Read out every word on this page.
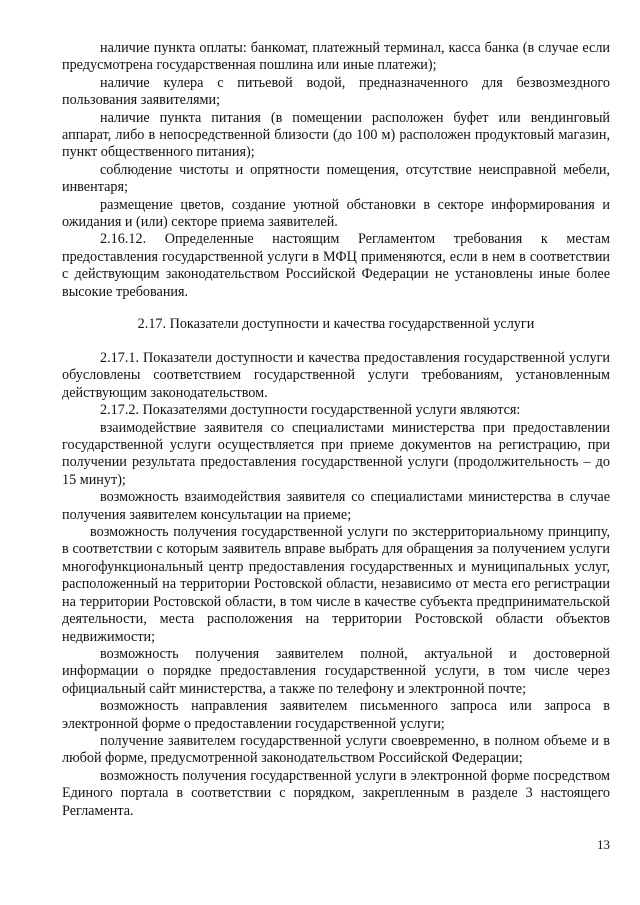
наличие пункта оплаты: банкомат, платежный терминал, касса банка (в случае если предусмотрена государственная пошлина или иные платежи);

наличие кулера с питьевой водой, предназначенного для безвозмездного пользования заявителями;

наличие пункта питания (в помещении расположен буфет или вендинговый аппарат, либо в непосредственной близости (до 100 м) расположен продуктовый магазин, пункт общественного питания);

соблюдение чистоты и опрятности помещения, отсутствие неисправной мебели, инвентаря;

размещение цветов, создание уютной обстановки в секторе информирования и ожидания и (или) секторе приема заявителей.

2.16.12. Определенные настоящим Регламентом требования к местам предоставления государственной услуги в МФЦ применяются, если в нем в соответствии с действующим законодательством Российской Федерации не установлены иные более высокие требования.

2.17. Показатели доступности и качества государственной услуги

2.17.1. Показатели доступности и качества предоставления государственной услуги обусловлены соответствием государственной услуги требованиям, установленным действующим законодательством.

2.17.2. Показателями доступности государственной услуги являются:

взаимодействие заявителя со специалистами министерства при предоставлении государственной услуги осуществляется при приеме документов на регистрацию, при получении результата предоставления государственной услуги (продолжительность – до 15 минут);

возможность взаимодействия заявителя со специалистами министерства в случае получения заявителем консультации на приеме;

возможность получения государственной услуги по экстерриториальному принципу, в соответствии с которым заявитель вправе выбрать для обращения за получением услуги многофункциональный центр предоставления государственных и муниципальных услуг, расположенный на территории Ростовской области, независимо от места его регистрации на территории Ростовской области, в том числе в качестве субъекта предпринимательской деятельности, места расположения на территории Ростовской области объектов недвижимости;

возможность получения заявителем полной, актуальной и достоверной информации о порядке предоставления государственной услуги, в том числе через официальный сайт министерства, а также по телефону и электронной почте;

возможность направления заявителем письменного запроса или запроса в электронной форме о предоставлении государственной услуги;

получение заявителем государственной услуги своевременно, в полном объеме и в любой форме, предусмотренной законодательством Российской Федерации;

возможность получения государственной услуги в электронной форме посредством Единого портала в соответствии с порядком, закрепленным в разделе 3 настоящего Регламента.

13
